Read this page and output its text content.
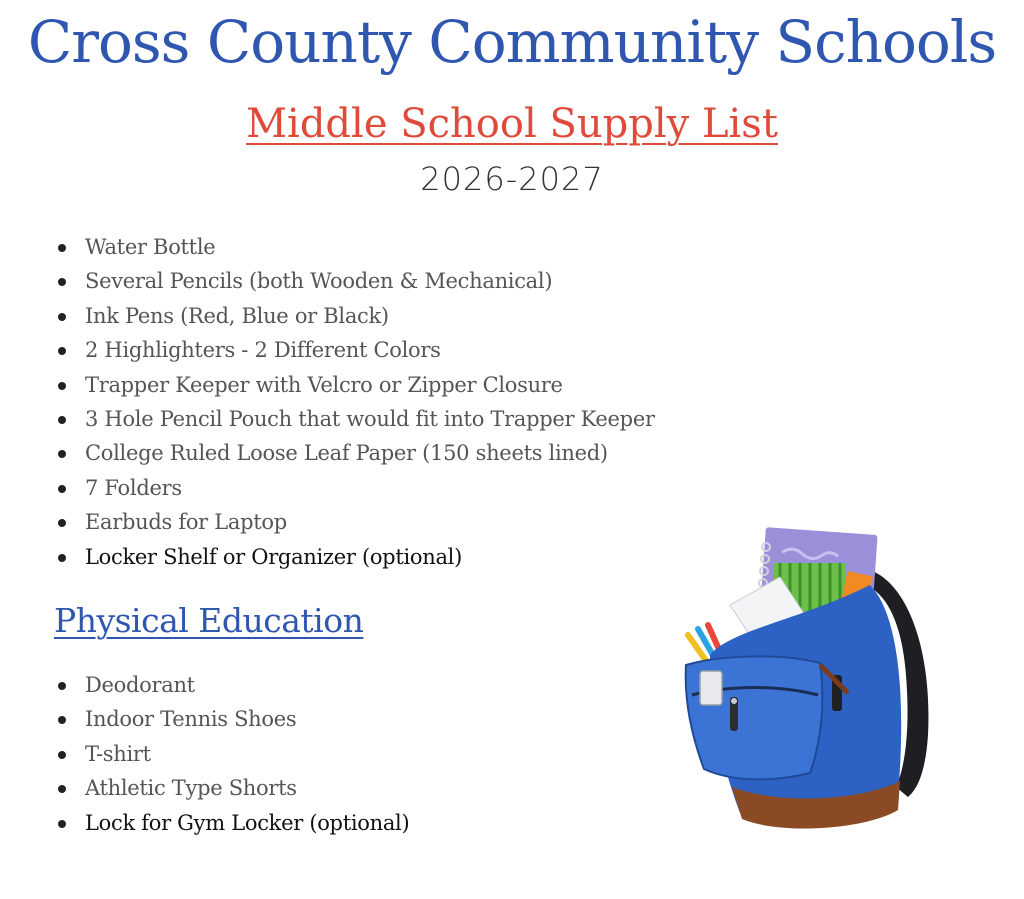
Cross County Community Schools
Middle School Supply List
2026-2027
Water Bottle
Several Pencils (both Wooden & Mechanical)
Ink Pens (Red, Blue or Black)
2 Highlighters - 2 Different Colors
Trapper Keeper with Velcro or Zipper Closure
3 Hole Pencil Pouch that would fit into Trapper Keeper
College Ruled Loose Leaf Paper (150 sheets lined)
7 Folders
Earbuds for Laptop
Locker Shelf or Organizer (optional)
Physical Education
Deodorant
Indoor Tennis Shoes
T-shirt
Athletic Type Shorts
Lock for Gym Locker (optional)
